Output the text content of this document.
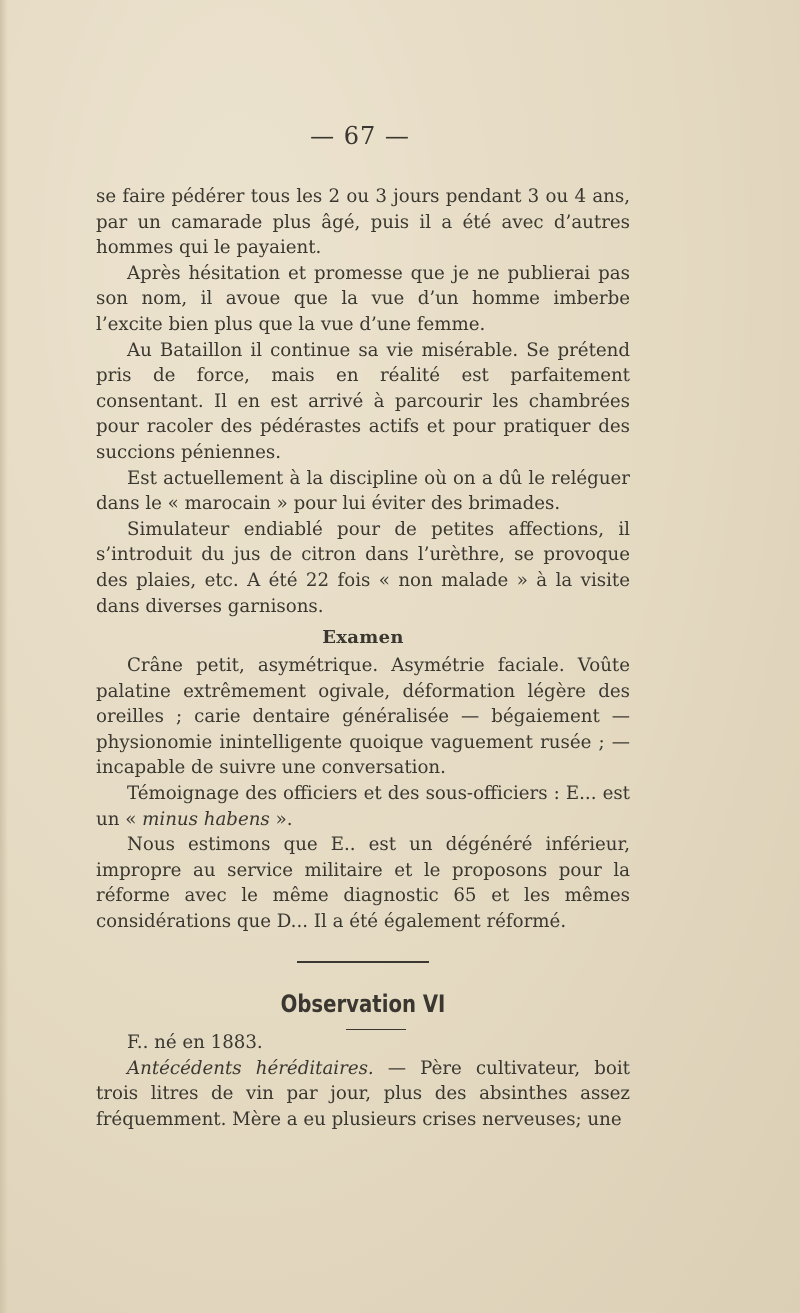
— 67 —

se faire pédérer tous les 2 ou 3 jours pendant 3 ou 4 ans, par un camarade plus âgé, puis il a été avec d’autres hommes qui le payaient.

Après hésitation et promesse que je ne publierai pas son nom, il avoue que la vue d’un homme imberbe l’excite bien plus que la vue d’une femme.

Au Bataillon il continue sa vie misérable. Se prétend pris de force, mais en réalité est parfaitement consentant. Il en est arrivé à parcourir les chambrées pour racoler des pédérastes actifs et pour pratiquer des succions péniennes.

Est actuellement à la discipline où on a dû le reléguer dans le « marocain » pour lui éviter des brimades.

Simulateur endiablé pour de petites affections, il s’introduit du jus de citron dans l’urèthre, se provoque des plaies, etc. A été 22 fois « non malade » à la visite dans diverses garnisons.

Examen

Crâne petit, asymétrique. Asymétrie faciale. Voûte palatine extrêmement ogivale, déformation légère des oreilles ; carie dentaire généralisée — bégaiement — physionomie inintelligente quoique vaguement rusée ; — incapable de suivre une conversation.

Témoignage des officiers et des sous-officiers : E... est un « minus habens ».

Nous estimons que E.. est un dégénéré inférieur, impropre au service militaire et le proposons pour la réforme avec le même diagnostic 65 et les mêmes considérations que D... Il a été également réformé.

Observation VI

F.. né en 1883.

Antécédents héréditaires. — Père cultivateur, boit trois litres de vin par jour, plus des absinthes assez fréquemment. Mère a eu plusieurs crises nerveuses; une
